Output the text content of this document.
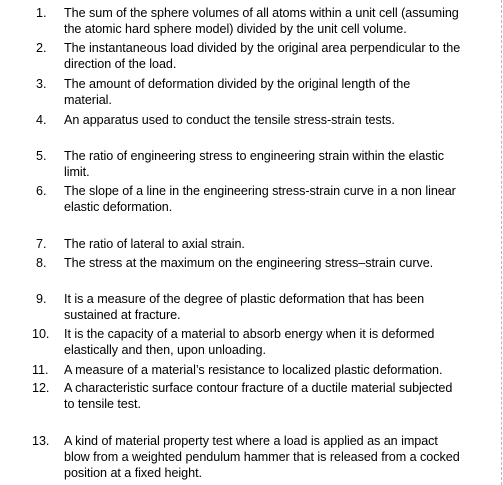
1. The sum of the sphere volumes of all atoms within a unit cell (assuming
the atomic hard sphere model) divided by the unit cell volume.
2. The instantaneous load divided by the original area perpendicular to the
direction of the load.
3. The amount of deformation divided by the original length of the
material.
4. An apparatus used to conduct the tensile stress-strain tests.
5. The ratio of engineering stress to engineering strain within the elastic
limit.
6. The slope of a line in the engineering stress-strain curve in a non linear
elastic deformation.
7. The ratio of lateral to axial strain.
8. The stress at the maximum on the engineering stress–strain curve.
9. It is a measure of the degree of plastic deformation that has been
sustained at fracture.
10. It is the capacity of a material to absorb energy when it is deformed
elastically and then, upon unloading.
11. A measure of a material’s resistance to localized plastic deformation.
12. A characteristic surface contour fracture of a ductile material subjected
to tensile test.
13. A kind of material property test where a load is applied as an impact
blow from a weighted pendulum hammer that is released from a cocked
position at a fixed height.
